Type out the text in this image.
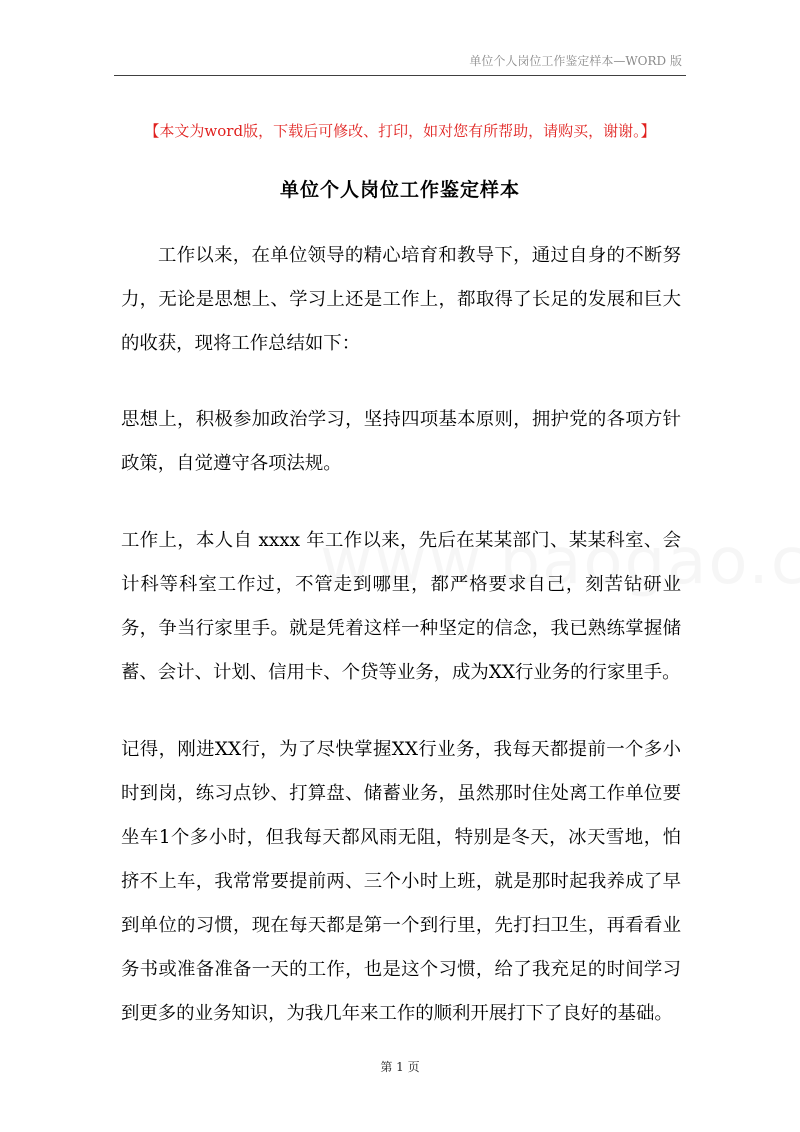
单位个人岗位工作鉴定样本—WORD 版
【本文为word版，下载后可修改、打印，如对您有所帮助，请购买，谢谢。】
单位个人岗位工作鉴定样本

工作以来，在单位领导的精心培育和教导下，通过自身的不断努力，无论是思想上、学习上还是工作上，都取得了长足的发展和巨大的收获，现将工作总结如下：

思想上，积极参加政治学习，坚持四项基本原则，拥护党的各项方针政策，自觉遵守各项法规。

工作上，本人自 xxxx 年工作以来，先后在某某部门、某某科室、会计科等科室工作过，不管走到哪里，都严格要求自己，刻苦钻研业务，争当行家里手。就是凭着这样一种坚定的信念，我已熟练掌握储蓄、会计、计划、信用卡、个贷等业务，成为XX行业务的行家里手。

记得，刚进XX行，为了尽快掌握XX行业务，我每天都提前一个多小时到岗，练习点钞、打算盘、储蓄业务，虽然那时住处离工作单位要坐车1个多小时，但我每天都风雨无阻，特别是冬天，冰天雪地，怕挤不上车，我常常要提前两、三个小时上班，就是那时起我养成了早到单位的习惯，现在每天都是第一个到行里，先打扫卫生，再看看业务书或准备准备一天的工作，也是这个习惯，给了我充足的时间学习到更多的业务知识，为我几年来工作的顺利开展打下了良好的基础。

第 1 页
